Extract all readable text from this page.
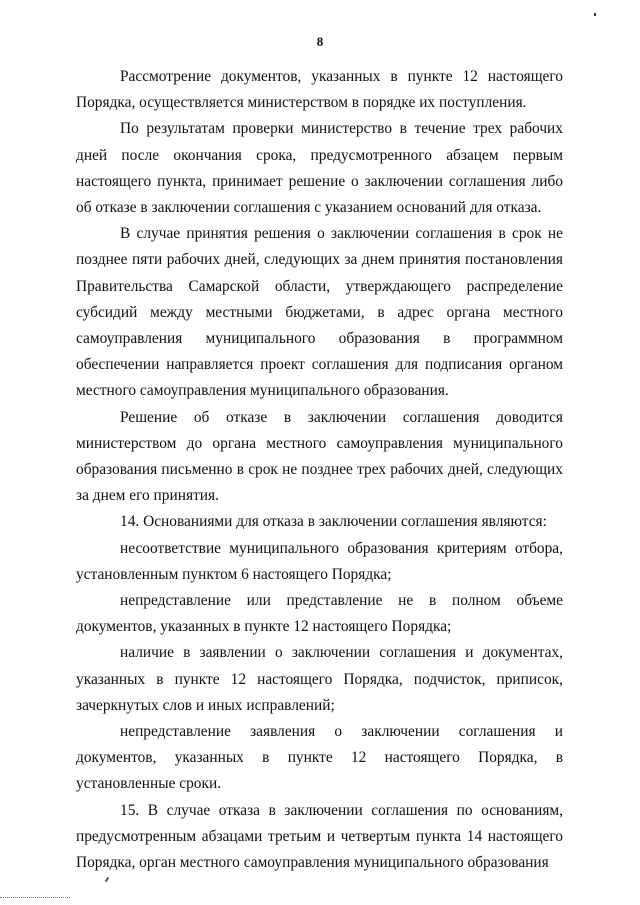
8

Рассмотрение документов, указанных в пункте 12 настоящего Порядка, осуществляется министерством в порядке их поступления.

По результатам проверки министерство в течение трех рабочих дней после окончания срока, предусмотренного абзацем первым настоящего пункта, принимает решение о заключении соглашения либо об отказе в заключении соглашения с указанием оснований для отказа.

В случае принятия решения о заключении соглашения в срок не позднее пяти рабочих дней, следующих за днем принятия постановления Правительства Самарской области, утверждающего распределение субсидий между местными бюджетами, в адрес органа местного самоуправления муниципального образования в программном обеспечении направляется проект соглашения для подписания органом местного самоуправления муниципального образования.

Решение об отказе в заключении соглашения доводится министерством до органа местного самоуправления муниципального образования письменно в срок не позднее трех рабочих дней, следующих за днем его принятия.

14. Основаниями для отказа в заключении соглашения являются:

несоответствие муниципального образования критериям отбора, установленным пунктом 6 настоящего Порядка;

непредставление или представление не в полном объеме документов, указанных в пункте 12 настоящего Порядка;

наличие в заявлении о заключении соглашения и документах, указанных в пункте 12 настоящего Порядка, подчисток, приписок, зачеркнутых слов и иных исправлений;

непредставление заявления о заключении соглашения и документов, указанных в пункте 12 настоящего Порядка, в установленные сроки.

15. В случае отказа в заключении соглашения по основаниям, предусмотренным абзацами третьим и четвертым пункта 14 настоящего Порядка, орган местного самоуправления муниципального образования
